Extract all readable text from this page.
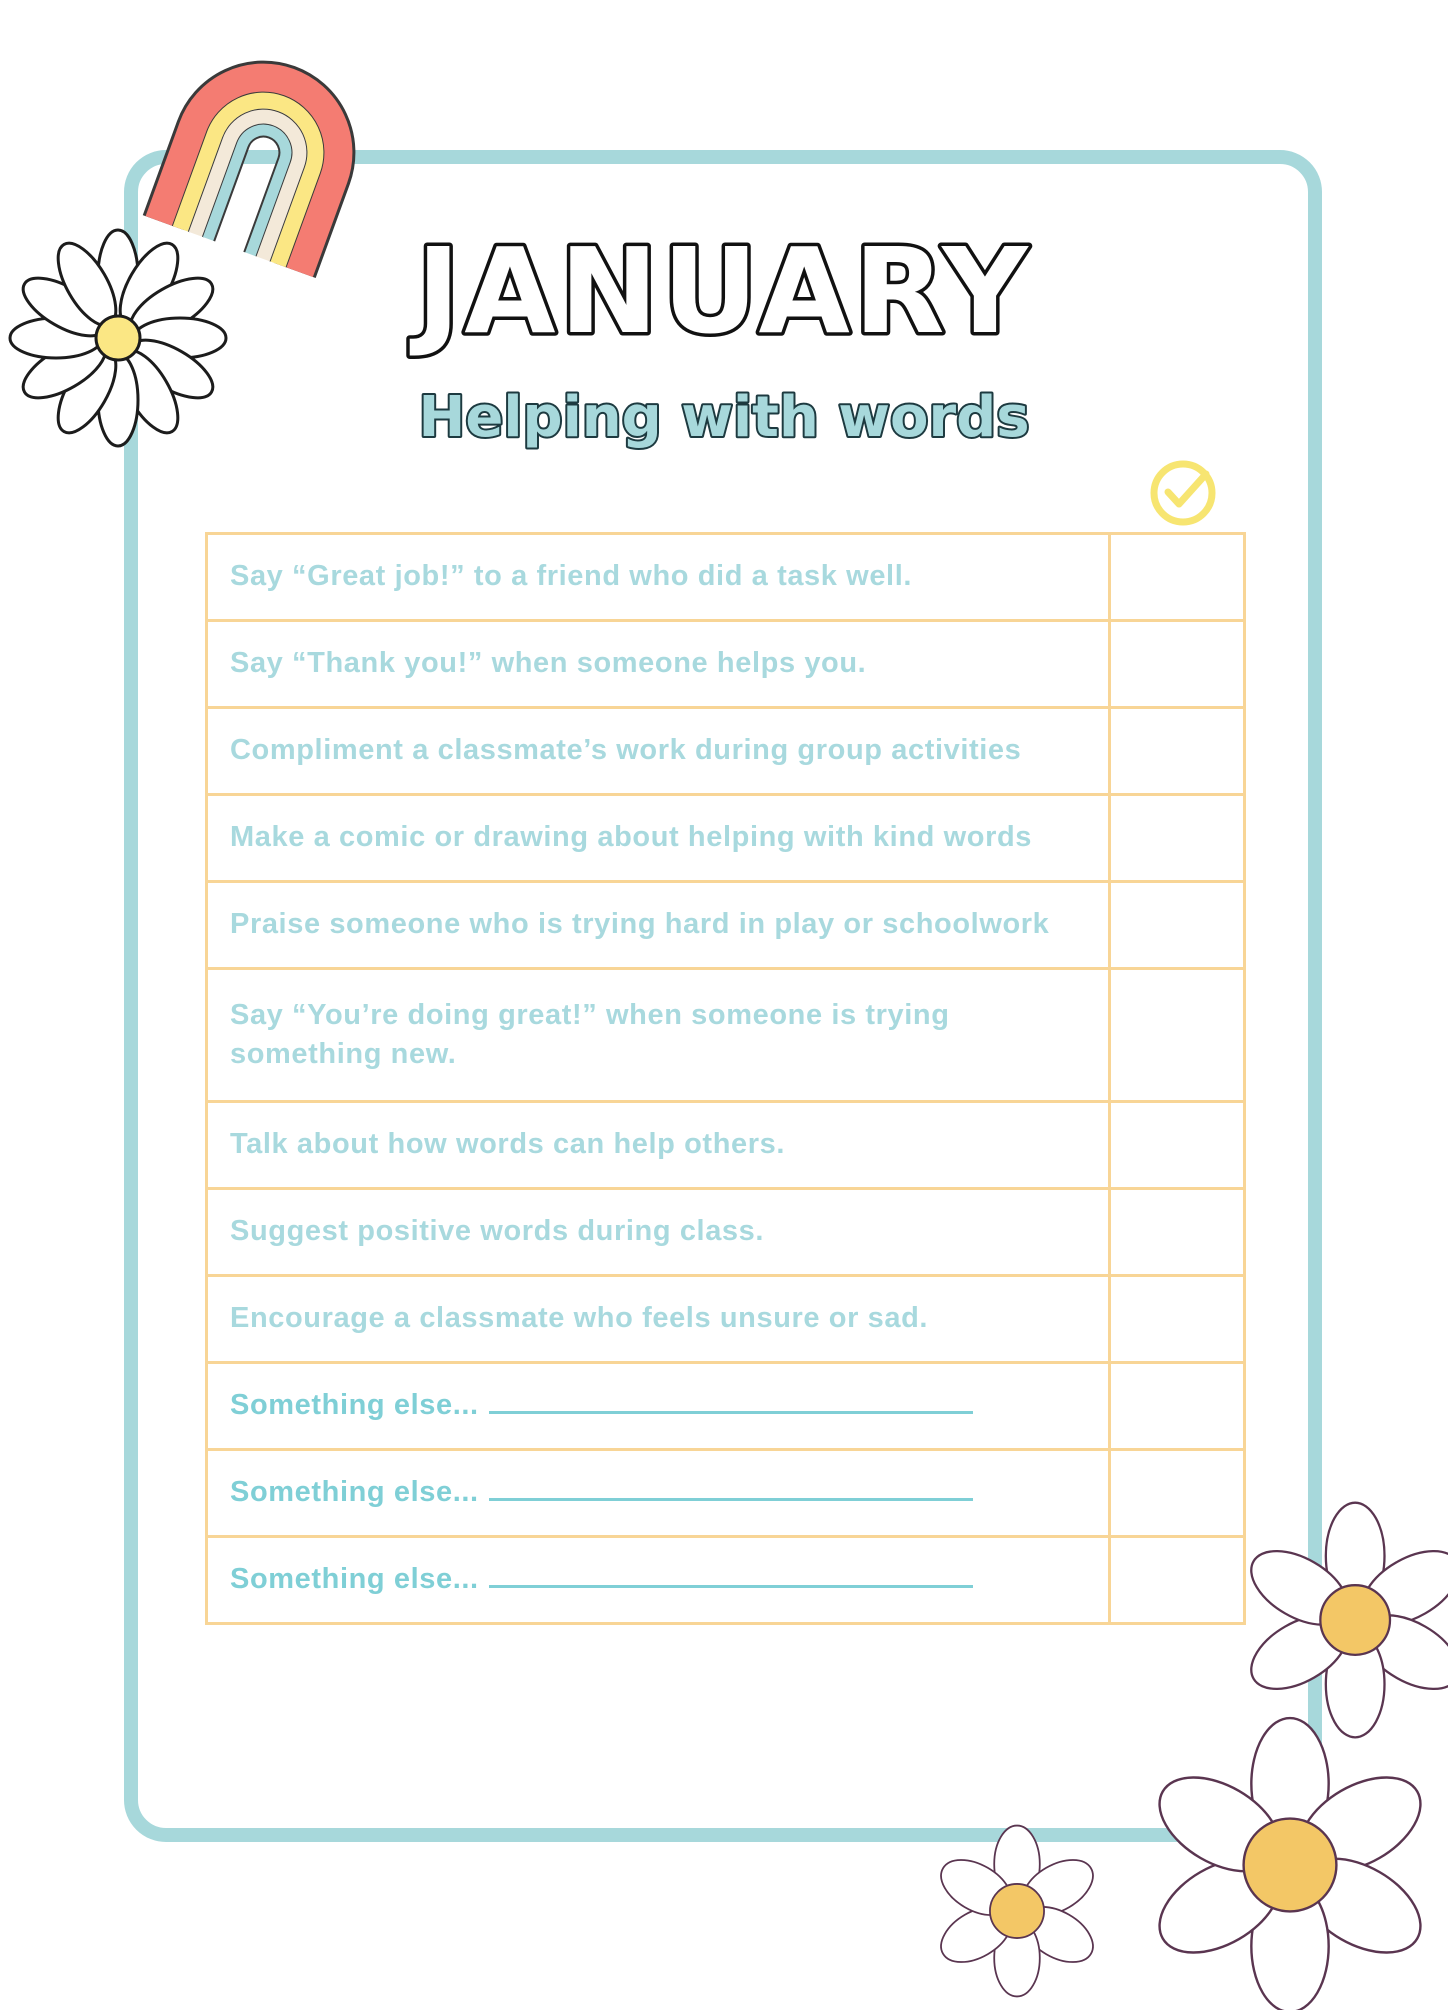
JANUARY
Helping with words
Say “Great job!” to a friend who did a task well.	
Say “Thank you!” when someone helps you.	
Compliment a classmate’s work during group activities	
Make a comic or drawing about helping with kind words	
Praise someone who is trying hard in play or schoolwork	
Say “You’re doing great!” when someone is trying something new.	
Talk about how words can help others.	
Suggest positive words during class.	
Encourage a classmate who feels unsure or sad.	
Something else...	
Something else...	
Something else...	
